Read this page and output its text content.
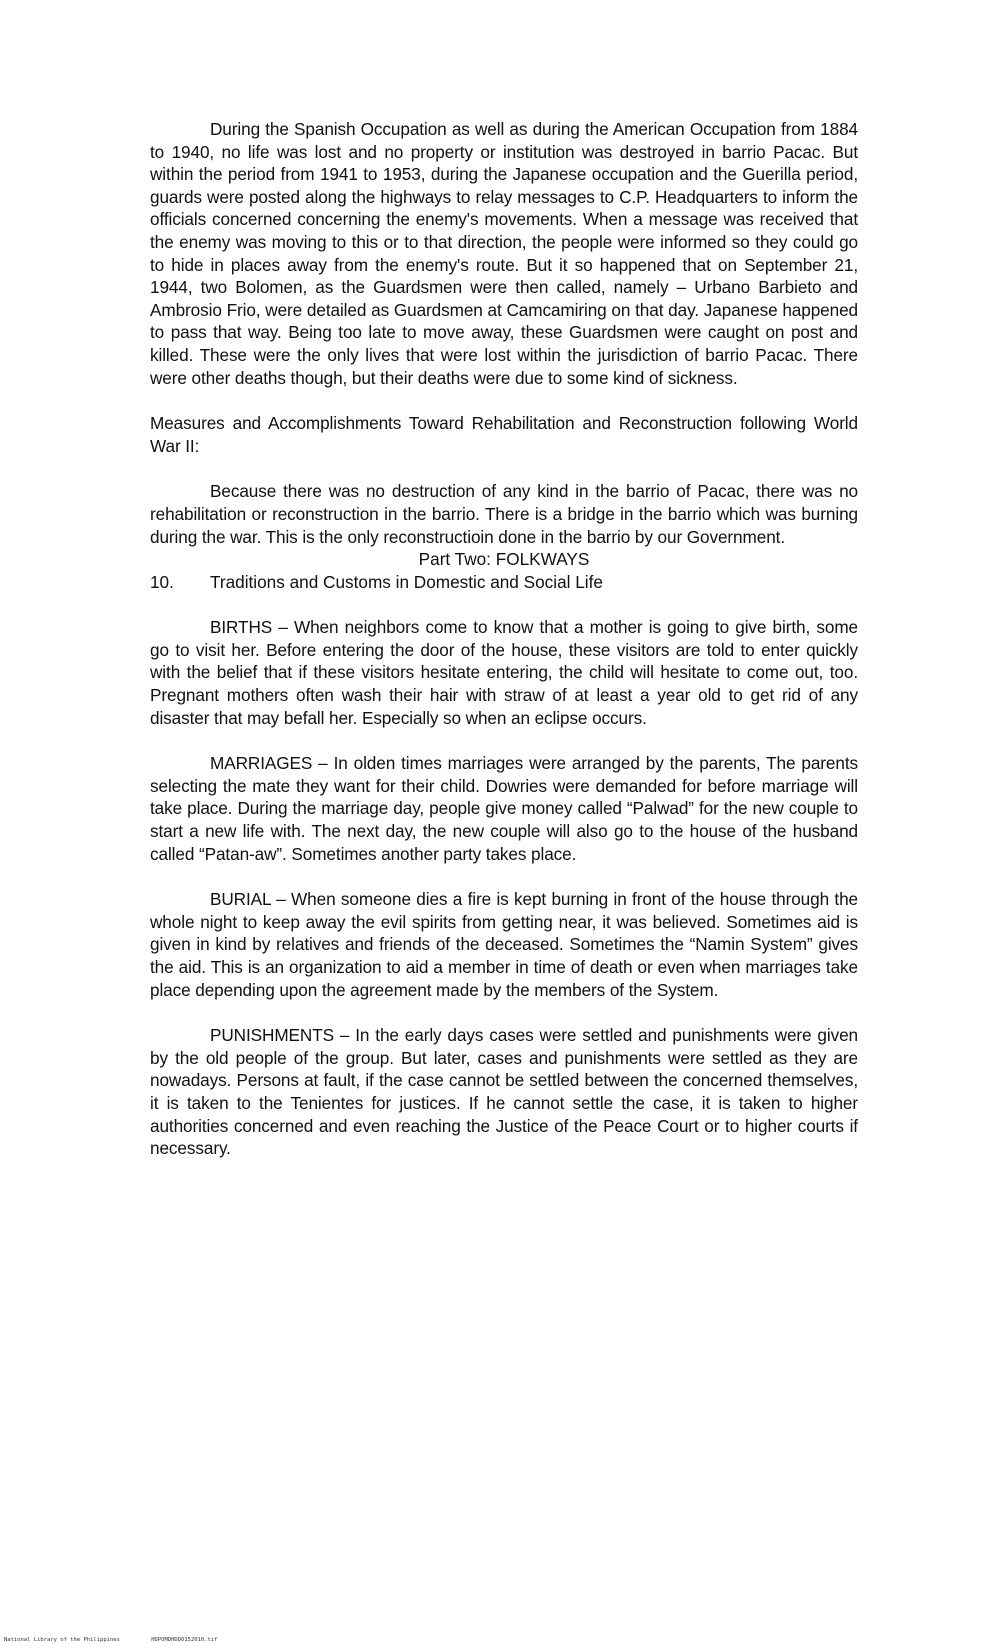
During the Spanish Occupation as well as during the American Occupation from 1884 to 1940, no life was lost and no property or institution was destroyed in barrio Pacac. But within the period from 1941 to 1953, during the Japanese occupation and the Guerilla period, guards were posted along the highways to relay messages to C.P. Headquarters to inform the officials concerned concerning the enemy's movements. When a message was received that the enemy was moving to this or to that direction, the people were informed so they could go to hide in places away from the enemy's route. But it so happened that on September 21, 1944, two Bolomen, as the Guardsmen were then called, namely – Urbano Barbieto and Ambrosio Frio, were detailed as Guardsmen at Camcamiring on that day. Japanese happened to pass that way. Being too late to move away, these Guardsmen were caught on post and killed. These were the only lives that were lost within the jurisdiction of barrio Pacac. There were other deaths though, but their deaths were due to some kind of sickness.

Measures and Accomplishments Toward Rehabilitation and Reconstruction following World War II:

Because there was no destruction of any kind in the barrio of Pacac, there was no rehabilitation or reconstruction in the barrio. There is a bridge in the barrio which was burning during the war. This is the only reconstructioin done in the barrio by our Government.

Part Two: FOLKWAYS

10.	Traditions and Customs in Domestic and Social Life

BIRTHS – When neighbors come to know that a mother is going to give birth, some go to visit her. Before entering the door of the house, these visitors are told to enter quickly with the belief that if these visitors hesitate entering, the child will hesitate to come out, too. Pregnant mothers often wash their hair with straw of at least a year old to get rid of any disaster that may befall her. Especially so when an eclipse occurs.

MARRIAGES – In olden times marriages were arranged by the parents, The parents selecting the mate they want for their child. Dowries were demanded for before marriage will take place. During the marriage day, people give money called “Palwad” for the new couple to start a new life with. The next day, the new couple will also go to the house of the husband called “Patan-aw”. Sometimes another party takes place.

BURIAL – When someone dies a fire is kept burning in front of the house through the whole night to keep away the evil spirits from getting near, it was believed. Sometimes aid is given in kind by relatives and friends of the deceased. Sometimes the “Namin System” gives the aid. This is an organization to aid a member in time of death or even when marriages take place depending upon the agreement made by the members of the System.

PUNISHMENTS – In the early days cases were settled and punishments were given by the old people of the group. But later, cases and punishments were settled as they are nowadays. Persons at fault, if the case cannot be settled between the concerned themselves, it is taken to the Tenientes for justices. If he cannot settle the case, it is taken to higher authorities concerned and even reaching the Justice of the Peace Court or to higher courts if necessary.

National Library of the Philippines	HDPOMDHDD0152010.tif
